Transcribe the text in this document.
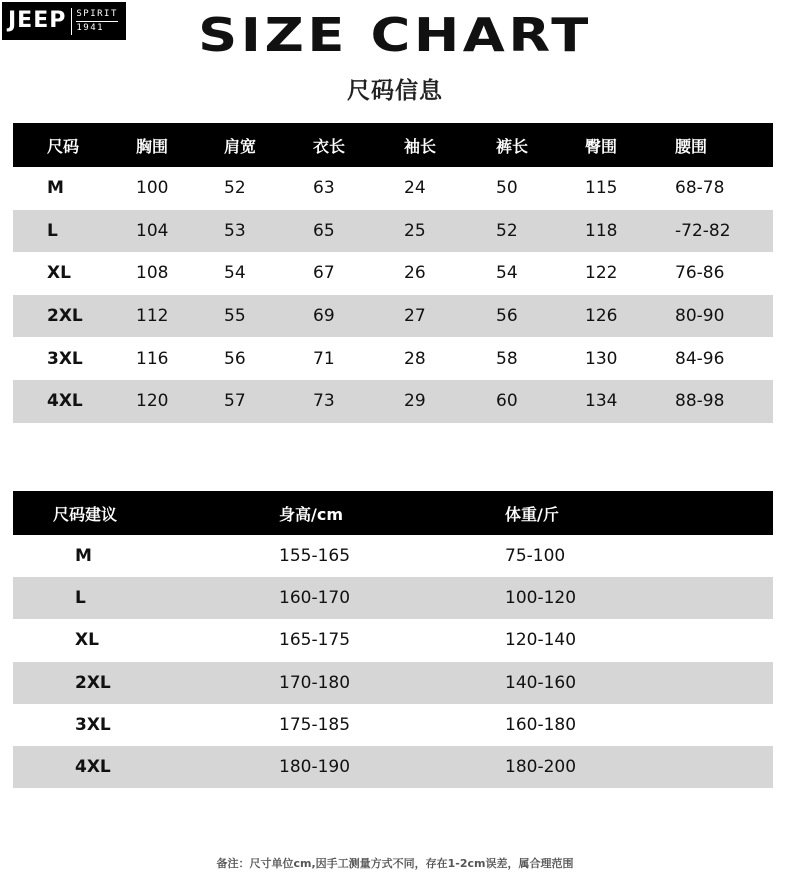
JEEP SPIRIT
1941	SIZE CHART
尺码信息
尺码	胸围	肩宽	衣长	袖长	裤长	臀围	腰围
M	100	52	63	24	50	115	68-78
L	104	53	65	25	52	118	-72-82
XL	108	54	67	26	54	122	76-86
2XL	112	55	69	27	56	126	80-90
3XL	116	56	71	28	58	130	84-96
4XL	120	57	73	29	60	134	88-98
尺码建议	身高/cm	体重/斤
M	155-165	75-100
L	160-170	100-120
XL	165-175	120-140
2XL	170-180	140-160
3XL	175-185	160-180
4XL	180-190	180-200
备注：尺寸单位cm,因手工测量方式不同，存在1-2cm误差，属合理范围
